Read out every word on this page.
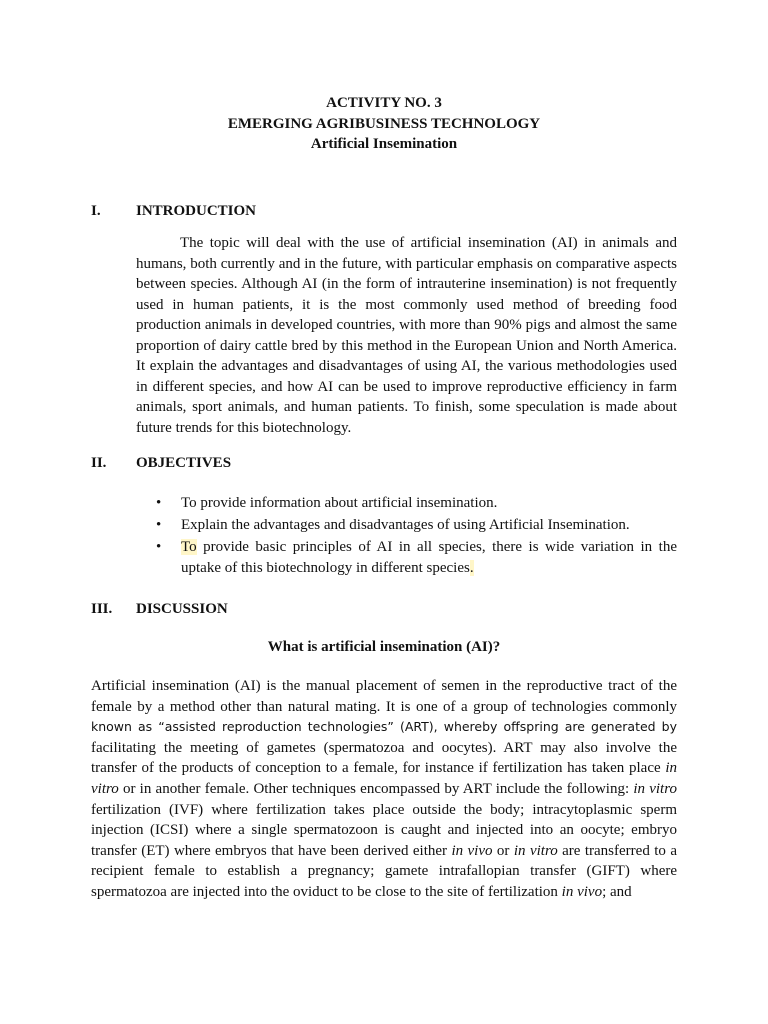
ACTIVITY NO. 3
EMERGING AGRIBUSINESS TECHNOLOGY
Artificial Insemination
I. INTRODUCTION

The topic will deal with the use of artificial insemination (AI) in animals and humans, both currently and in the future, with particular emphasis on comparative aspects between species. Although AI (in the form of intrauterine insemination) is not frequently used in human patients, it is the most commonly used method of breeding food production animals in developed countries, with more than 90% pigs and almost the same proportion of dairy cattle bred by this method in the European Union and North America. It explain the advantages and disadvantages of using AI, the various methodologies used in different species, and how AI can be used to improve reproductive efficiency in farm animals, sport animals, and human patients. To finish, some speculation is made about future trends for this biotechnology.

II. OBJECTIVES
• To provide information about artificial insemination.
• Explain the advantages and disadvantages of using Artificial Insemination.
• To provide basic principles of AI in all species, there is wide variation in the uptake of this biotechnology in different species.
III. DISCUSSION
What is artificial insemination (AI)?

Artificial insemination (AI) is the manual placement of semen in the reproductive tract of the female by a method other than natural mating. It is one of a group of technologies commonly known as “assisted reproduction technologies” (ART), whereby offspring are generated by facilitating the meeting of gametes (spermatozoa and oocytes). ART may also involve the transfer of the products of conception to a female, for instance if fertilization has taken place in vitro or in another female. Other techniques encompassed by ART include the following: in vitro fertilization (IVF) where fertilization takes place outside the body; intracytoplasmic sperm injection (ICSI) where a single spermatozoon is caught and injected into an oocyte; embryo transfer (ET) where embryos that have been derived either in vivo or in vitro are transferred to a recipient female to establish a pregnancy; gamete intrafallopian transfer (GIFT) where spermatozoa are injected into the oviduct to be close to the site of fertilization in vivo; and
